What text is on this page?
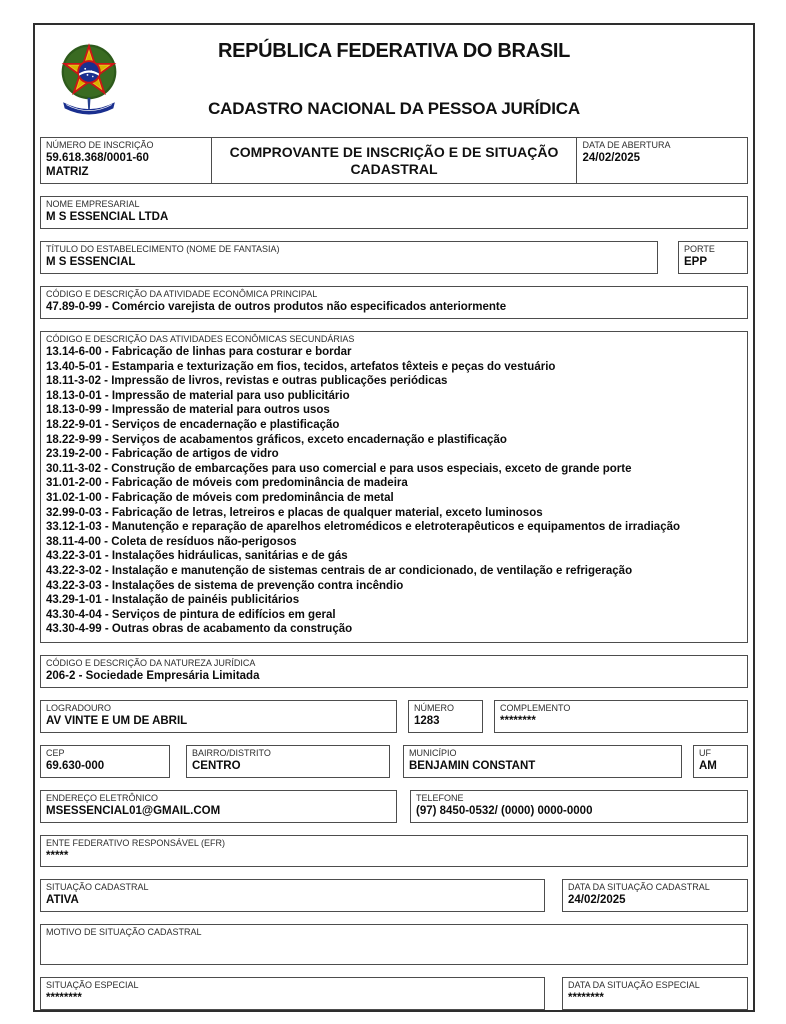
REPÚBLICA FEDERATIVA DO BRASIL
CADASTRO NACIONAL DA PESSOA JURÍDICA
NÚMERO DE INSCRIÇÃO
59.618.368/0001-60
MATRIZ
COMPROVANTE DE INSCRIÇÃO E DE SITUAÇÃO CADASTRAL
DATA DE ABERTURA
24/02/2025
NOME EMPRESARIAL
M S ESSENCIAL LTDA
TÍTULO DO ESTABELECIMENTO (NOME DE FANTASIA)
M S ESSENCIAL
PORTE
EPP
CÓDIGO E DESCRIÇÃO DA ATIVIDADE ECONÔMICA PRINCIPAL
47.89-0-99 - Comércio varejista de outros produtos não especificados anteriormente
CÓDIGO E DESCRIÇÃO DAS ATIVIDADES ECONÔMICAS SECUNDÁRIAS
13.14-6-00 - Fabricação de linhas para costurar e bordar
13.40-5-01 - Estamparia e texturização em fios, tecidos, artefatos têxteis e peças do vestuário
18.11-3-02 - Impressão de livros, revistas e outras publicações periódicas
18.13-0-01 - Impressão de material para uso publicitário
18.13-0-99 - Impressão de material para outros usos
18.22-9-01 - Serviços de encadernação e plastificação
18.22-9-99 - Serviços de acabamentos gráficos, exceto encadernação e plastificação
23.19-2-00 - Fabricação de artigos de vidro
30.11-3-02 - Construção de embarcações para uso comercial e para usos especiais, exceto de grande porte
31.01-2-00 - Fabricação de móveis com predominância de madeira
31.02-1-00 - Fabricação de móveis com predominância de metal
32.99-0-03 - Fabricação de letras, letreiros e placas de qualquer material, exceto luminosos
33.12-1-03 - Manutenção e reparação de aparelhos eletromédicos e eletroterapêuticos e equipamentos de irradiação
38.11-4-00 - Coleta de resíduos não-perigosos
43.22-3-01 - Instalações hidráulicas, sanitárias e de gás
43.22-3-02 - Instalação e manutenção de sistemas centrais de ar condicionado, de ventilação e refrigeração
43.22-3-03 - Instalações de sistema de prevenção contra incêndio
43.29-1-01 - Instalação de painéis publicitários
43.30-4-04 - Serviços de pintura de edifícios em geral
43.30-4-99 - Outras obras de acabamento da construção
CÓDIGO E DESCRIÇÃO DA NATUREZA JURÍDICA
206-2 - Sociedade Empresária Limitada
LOGRADOURO
AV VINTE E UM DE ABRIL
NÚMERO
1283
COMPLEMENTO
********
CEP
69.630-000
BAIRRO/DISTRITO
CENTRO
MUNICÍPIO
BENJAMIN CONSTANT
UF
AM
ENDEREÇO ELETRÔNICO
MSESSENCIAL01@GMAIL.COM
TELEFONE
(97) 8450-0532/ (0000) 0000-0000
ENTE FEDERATIVO RESPONSÁVEL (EFR)
*****
SITUAÇÃO CADASTRAL
ATIVA
DATA DA SITUAÇÃO CADASTRAL
24/02/2025
MOTIVO DE SITUAÇÃO CADASTRAL
SITUAÇÃO ESPECIAL
********
DATA DA SITUAÇÃO ESPECIAL
********
